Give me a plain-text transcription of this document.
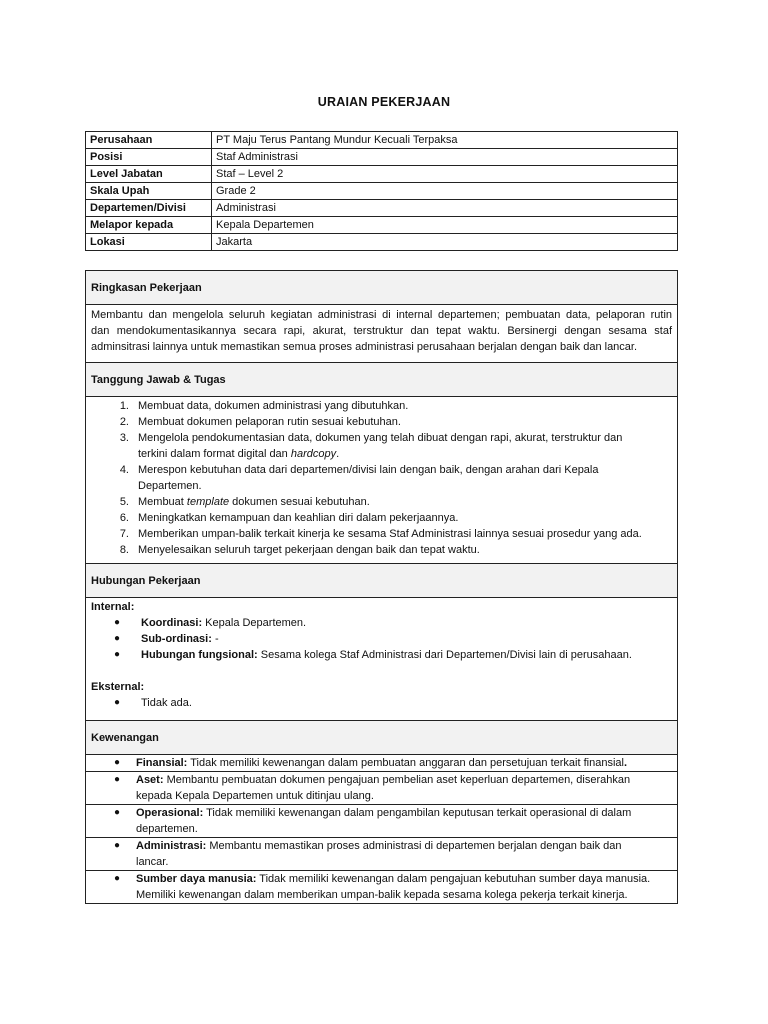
URAIAN PEKERJAAN
Perusahaan	PT Maju Terus Pantang Mundur Kecuali Terpaksa
Posisi	Staf Administrasi
Level Jabatan	Staf – Level 2
Skala Upah	Grade 2
Departemen/Divisi	Administrasi
Melapor kepada	Kepala Departemen
Lokasi	Jakarta
Ringkasan Pekerjaan

Membantu dan mengelola seluruh kegiatan administrasi di internal departemen; pembuatan data, pelaporan rutin
dan mendokumentasikannya secara rapi, akurat, terstruktur dan tepat waktu. Bersinergi dengan sesama staf
adminsitrasi lainnya untuk memastikan semua proses administrasi perusahaan berjalan dengan baik dan lancar.

Tanggung Jawab & Tugas

1. Membuat data, dokumen administrasi yang dibutuhkan.
2. Membuat dokumen pelaporan rutin sesuai kebutuhan.
3. Mengelola pendokumentasian data, dokumen yang telah dibuat dengan rapi, akurat, terstruktur dan
terkini dalam format digital dan hardcopy.
4. Merespon kebutuhan data dari departemen/divisi lain dengan baik, dengan arahan dari Kepala
Departemen.
5. Membuat template dokumen sesuai kebutuhan.
6. Meningkatkan kemampuan dan keahlian diri dalam pekerjaannya.
7. Memberikan umpan-balik terkait kinerja ke sesama Staf Administrasi lainnya sesuai prosedur yang ada.
8. Menyelesaikan seluruh target pekerjaan dengan baik dan tepat waktu.

Hubungan Pekerjaan

Internal:
●	Koordinasi: Kepala Departemen.
●	Sub-ordinasi: -
●	Hubungan fungsional: Sesama kolega Staf Administrasi dari Departemen/Divisi lain di perusahaan.
Eksternal:
●	Tidak ada.

Kewenangan

●	Finansial: Tidak memiliki kewenangan dalam pembuatan anggaran dan persetujuan terkait finansial.
●	Aset: Membantu pembuatan dokumen pengajuan pembelian aset keperluan departemen, diserahkan
kepada Kepala Departemen untuk ditinjau ulang.
●	Operasional: Tidak memiliki kewenangan dalam pengambilan keputusan terkait operasional di dalam
departemen.
●	Administrasi: Membantu memastikan proses administrasi di departemen berjalan dengan baik dan
lancar.
●	Sumber daya manusia: Tidak memiliki kewenangan dalam pengajuan kebutuhan sumber daya manusia.
Memiliki kewenangan dalam memberikan umpan-balik kepada sesama kolega pekerja terkait kinerja.
